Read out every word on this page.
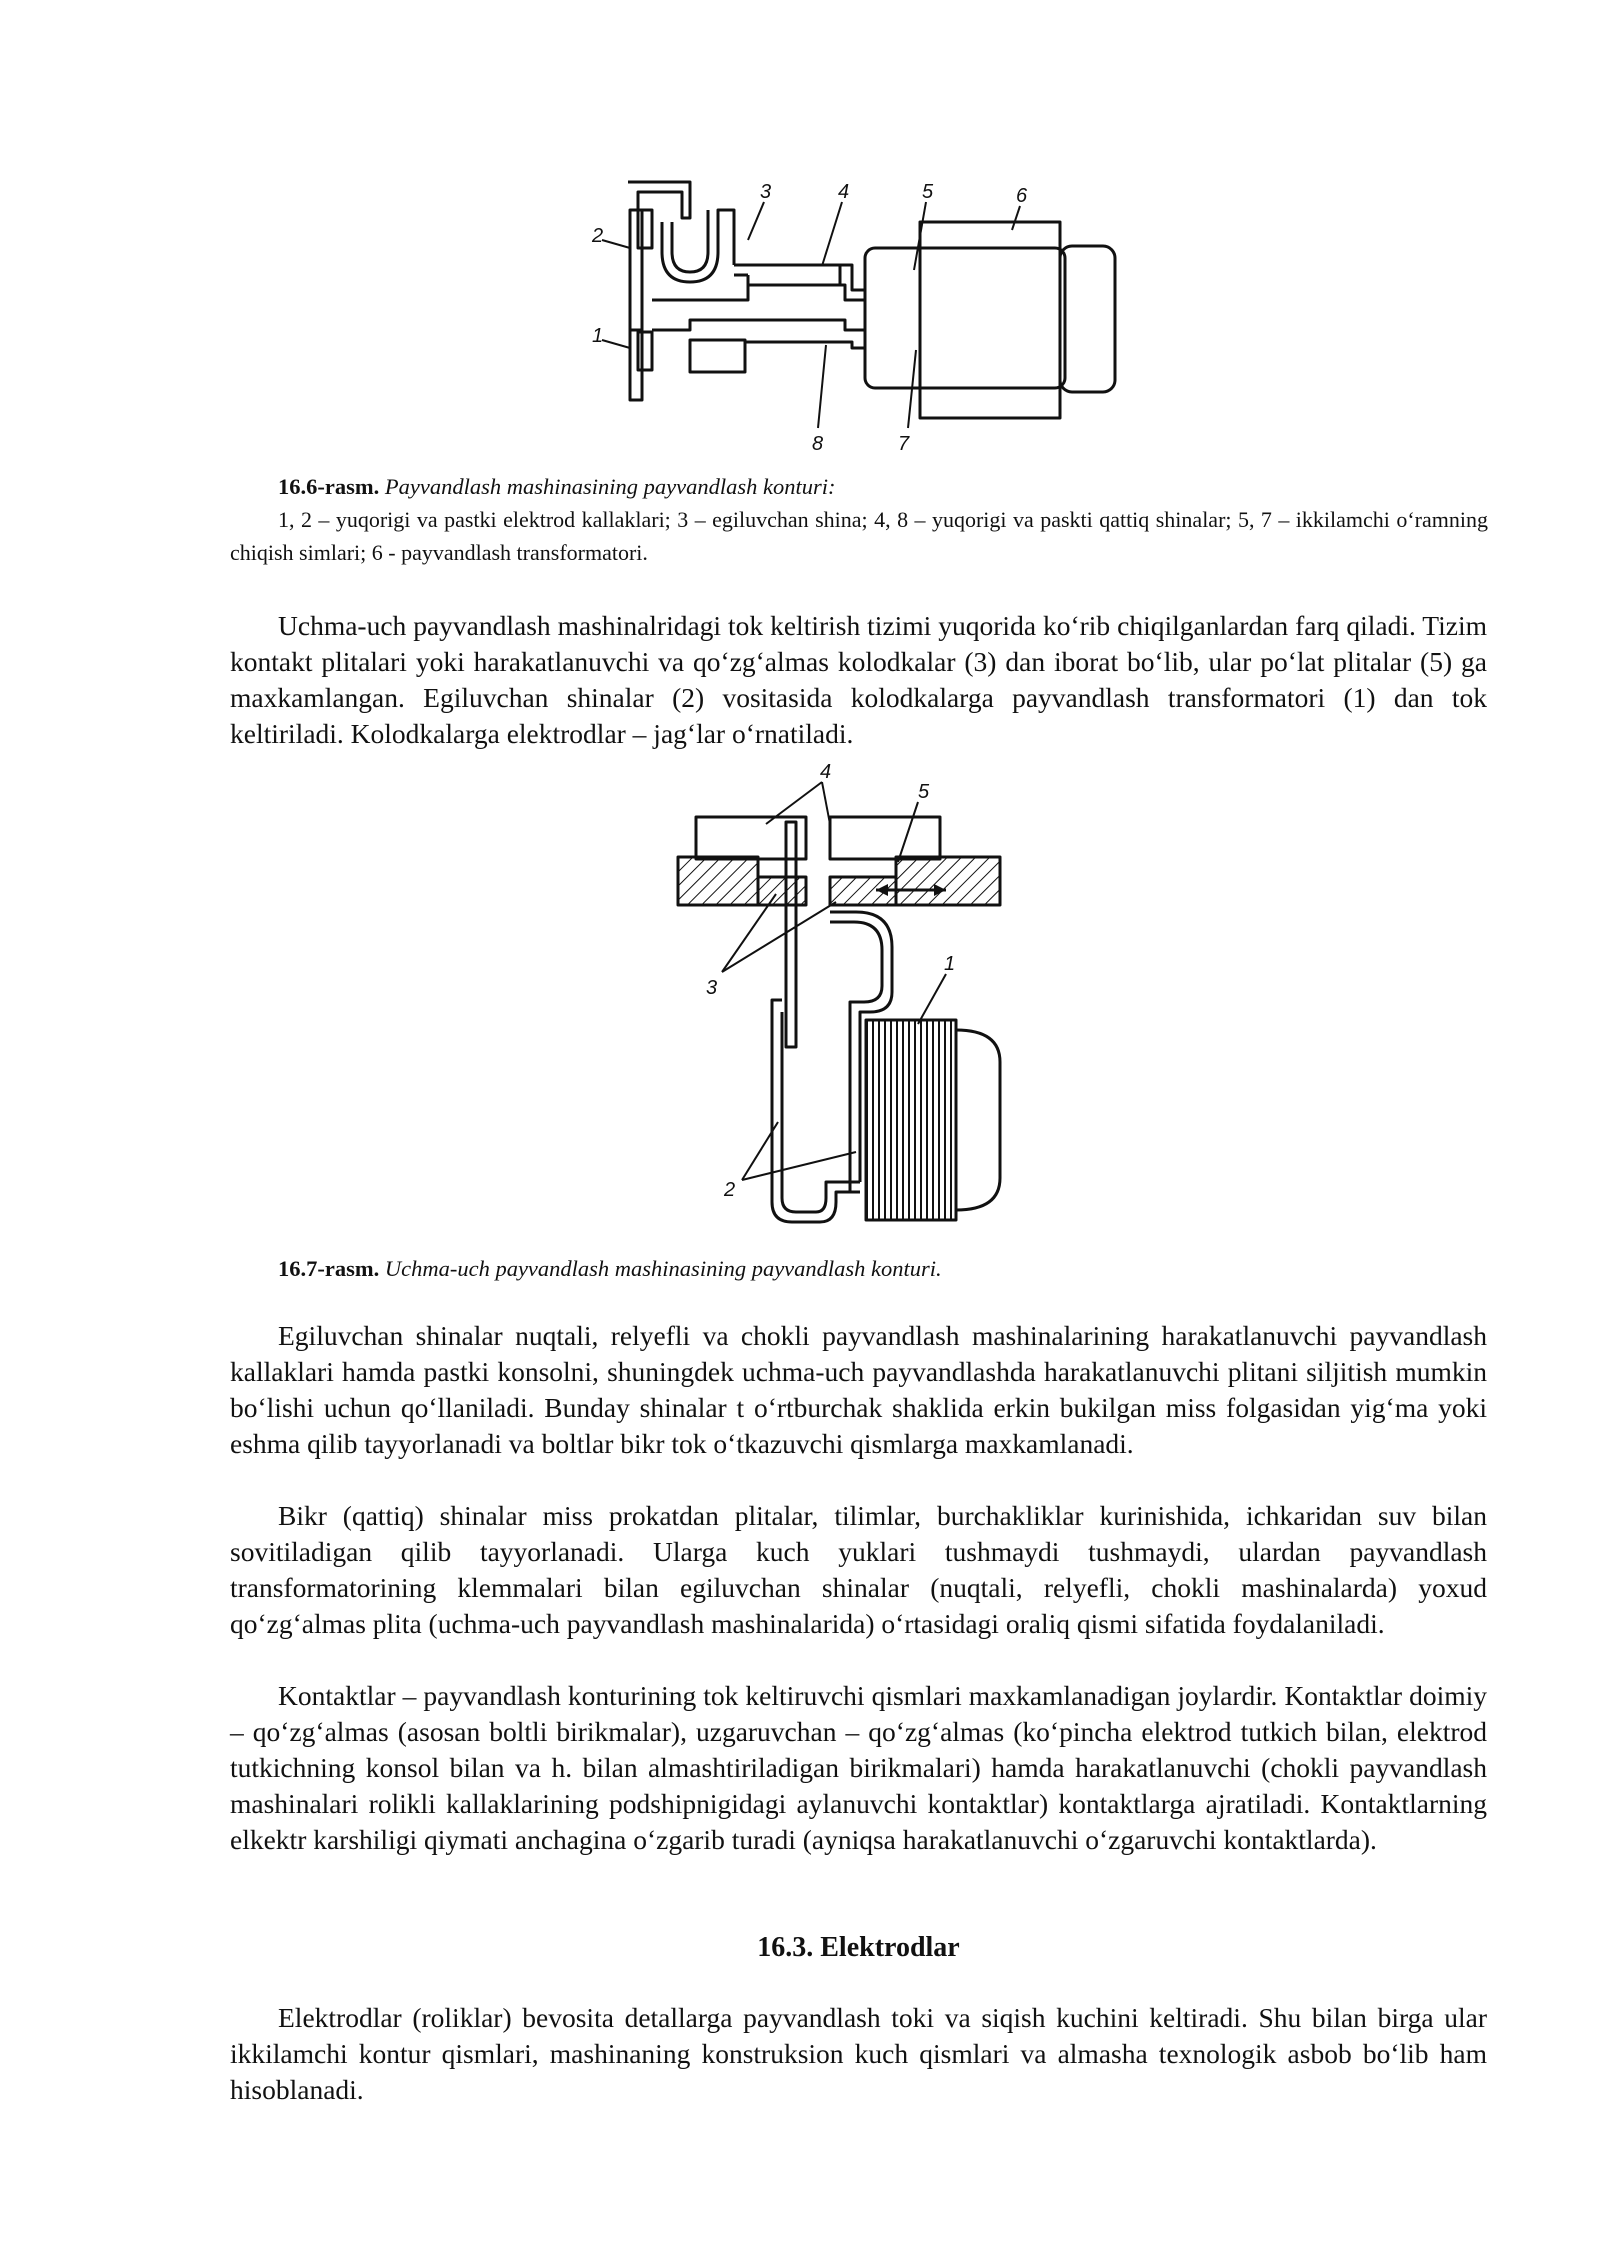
2
1
3	4	5	6
8	7
16.6-rasm. Payvandlash mashinasining payvandlash konturi:
1, 2 – yuqorigi va pastki elektrod kallaklari; 3 – egiluvchan shina; 4, 8 – yuqorigi va paskti qattiq shinalar; 5, 7 – ikkilamchi o‘ramning chiqish simlari; 6 - payvandlash transformatori.

Uchma-uch payvandlash mashinalridagi tok keltirish tizimi yuqorida ko‘rib chiqilganlardan farq qiladi. Tizim kontakt plitalari yoki harakatlanuvchi va qo‘zg‘almas kolodkalar (3) dan iborat bo‘lib, ular po‘lat plitalar (5) ga maxkamlangan. Egiluvchan shinalar (2) vositasida kolodkalarga payvandlash transformatori (1) dan tok keltiriladi. Kolodkalarga elektrodlar – jag‘lar o‘rnatiladi.

4
5
3
1
2
16.7-rasm. Uchma-uch payvandlash mashinasining payvandlash konturi.

Egiluvchan shinalar nuqtali, relyefli va chokli payvandlash mashinalarining harakatlanuvchi payvandlash kallaklari hamda pastki konsolni, shuningdek uchma-uch payvandlashda harakatlanuvchi plitani siljitish mumkin bo‘lishi uchun qo‘llaniladi. Bunday shinalar t o‘rtburchak shaklida erkin bukilgan miss folgasidan yig‘ma yoki eshma qilib tayyorlanadi va boltlar bikr tok o‘tkazuvchi qismlarga maxkamlanadi.

Bikr (qattiq) shinalar miss prokatdan plitalar, tilimlar, burchakliklar kurinishida, ichkaridan suv bilan sovitiladigan qilib tayyorlanadi. Ularga kuch yuklari tushmaydi tushmaydi, ulardan payvandlash transformatorining klemmalari bilan egiluvchan shinalar (nuqtali, relyefli, chokli mashinalarda) yoxud qo‘zg‘almas plita (uchma-uch payvandlash mashinalarida) o‘rtasidagi oraliq qismi sifatida foydalaniladi.

Kontaktlar – payvandlash konturining tok keltiruvchi qismlari maxkamlanadigan joylardir. Kontaktlar doimiy – qo‘zg‘almas (asosan boltli birikmalar), uzgaruvchan – qo‘zg‘almas (ko‘pincha elektrod tutkich bilan, elektrod tutkichning konsol bilan va h. bilan almashtiriladigan birikmalari) hamda harakatlanuvchi (chokli payvandlash mashinalari rolikli kallaklarining podshipnigidagi aylanuvchi kontaktlar) kontaktlarga ajratiladi. Kontaktlarning elkektr karshiligi qiymati anchagina o‘zgarib turadi (ayniqsa harakatlanuvchi o‘zgaruvchi kontaktlarda).

16.3. Elektrodlar

Elektrodlar (roliklar) bevosita detallarga payvandlash toki va siqish kuchini keltiradi. Shu bilan birga ular ikkilamchi kontur qismlari, mashinaning konstruksion kuch qismlari va almasha texnologik asbob bo‘lib ham hisoblanadi.
